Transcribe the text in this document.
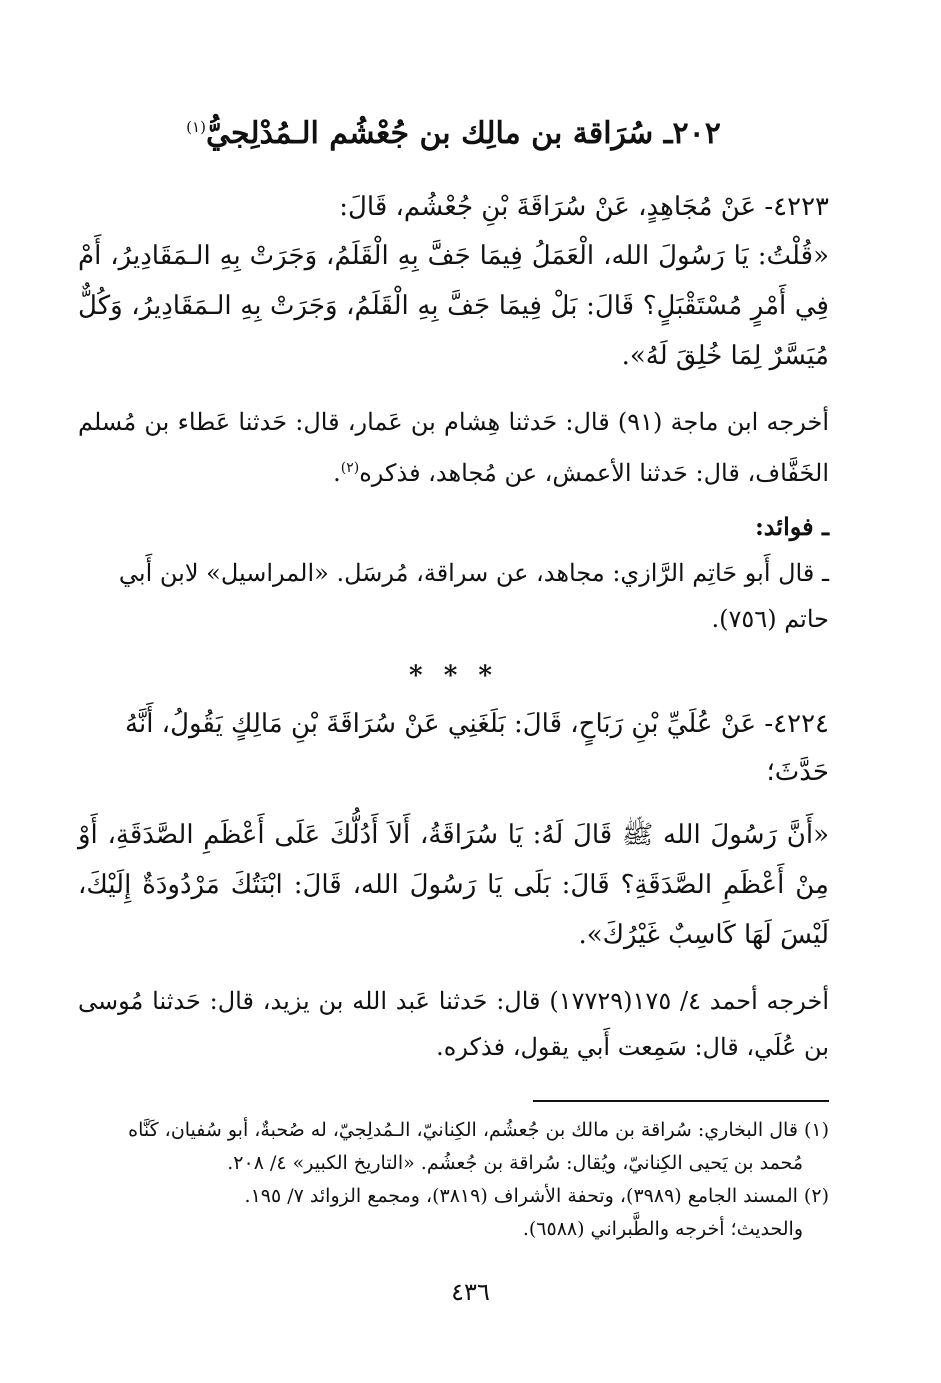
٢٠٢ـ سُرَاقة بن مالِك بن جُعْشُم الـمُدْلِجيُّ$^{(١)}$

٤٢٢٣- عَنْ مُجَاهِدٍ، عَنْ سُرَاقَةَ بْنِ جُعْشُم، قَالَ:

«قُلْتُ: يَا رَسُولَ الله، الْعَمَلُ فِيمَا جَفَّ بِهِ الْقَلَمُ، وَجَرَتْ بِهِ الـمَقَادِيرُ، أَمْ فِي أَمْرٍ مُسْتَقْبَلٍ؟ قَالَ: بَلْ فِيمَا جَفَّ بِهِ الْقَلَمُ، وَجَرَتْ بِهِ الـمَقَادِيرُ، وَكُلٌّ مُيَسَّرٌ لِمَا خُلِقَ لَهُ».

أخرجه ابن ماجة (٩١) قال: حَدثنا هِشام بن عَمار، قال: حَدثنا عَطاء بن مُسلم الخَفَّاف، قال: حَدثنا الأعمش، عن مُجاهد، فذكره$^{(٢)}$.

ـ فوائد:

ـ قال أَبو حَاتِم الرَّازي: مجاهد، عن سراقة، مُرسَل. «المراسيل» لابن أَبي حاتم (٧٥٦).

* * *

٤٢٢٤- عَنْ عُلَيِّ بْنِ رَبَاحٍ، قَالَ: بَلَغَنِي عَنْ سُرَاقَةَ بْنِ مَالِكٍ يَقُولُ، أَنَّهُ حَدَّثَ؛

«أَنَّ رَسُولَ الله ﷺ قَالَ لَهُ: يَا سُرَاقَةُ، أَلاَ أَدُلُّكَ عَلَى أَعْظَمِ الصَّدَقَةِ، أَوْ مِنْ أَعْظَمِ الصَّدَقَةِ؟ قَالَ: بَلَى يَا رَسُولَ الله، قَالَ: ابْنَتُكَ مَرْدُودَةٌ إِلَيْكَ، لَيْسَ لَهَا كَاسِبٌ غَيْرُكَ».

أخرجه أحمد ٤/ ١٧٥(١٧٧٢٩) قال: حَدثنا عَبد الله بن يزيد، قال: حَدثنا مُوسى بن عُلَي، قال: سَمِعت أَبي يقول، فذكره.

(١) قال البخاري: سُراقة بن مالك بن جُعشُم، الكِنانيّ، الـمُدلِجيّ، له صُحبةٌ، أبو سُفيان، كَنَّاه

مُحمد بن يَحيى الكِنانيّ، ويُقال: سُراقة بن جُعشُم. «التاريخ الكبير» ٤/ ٢٠٨.

(٢) المسند الجامع (٣٩٨٩)، وتحفة الأشراف (٣٨١٩)، ومجمع الزوائد ٧/ ١٩٥.

والحديث؛ أخرجه والطَّبراني (٦٥٨٨).

٤٣٦
